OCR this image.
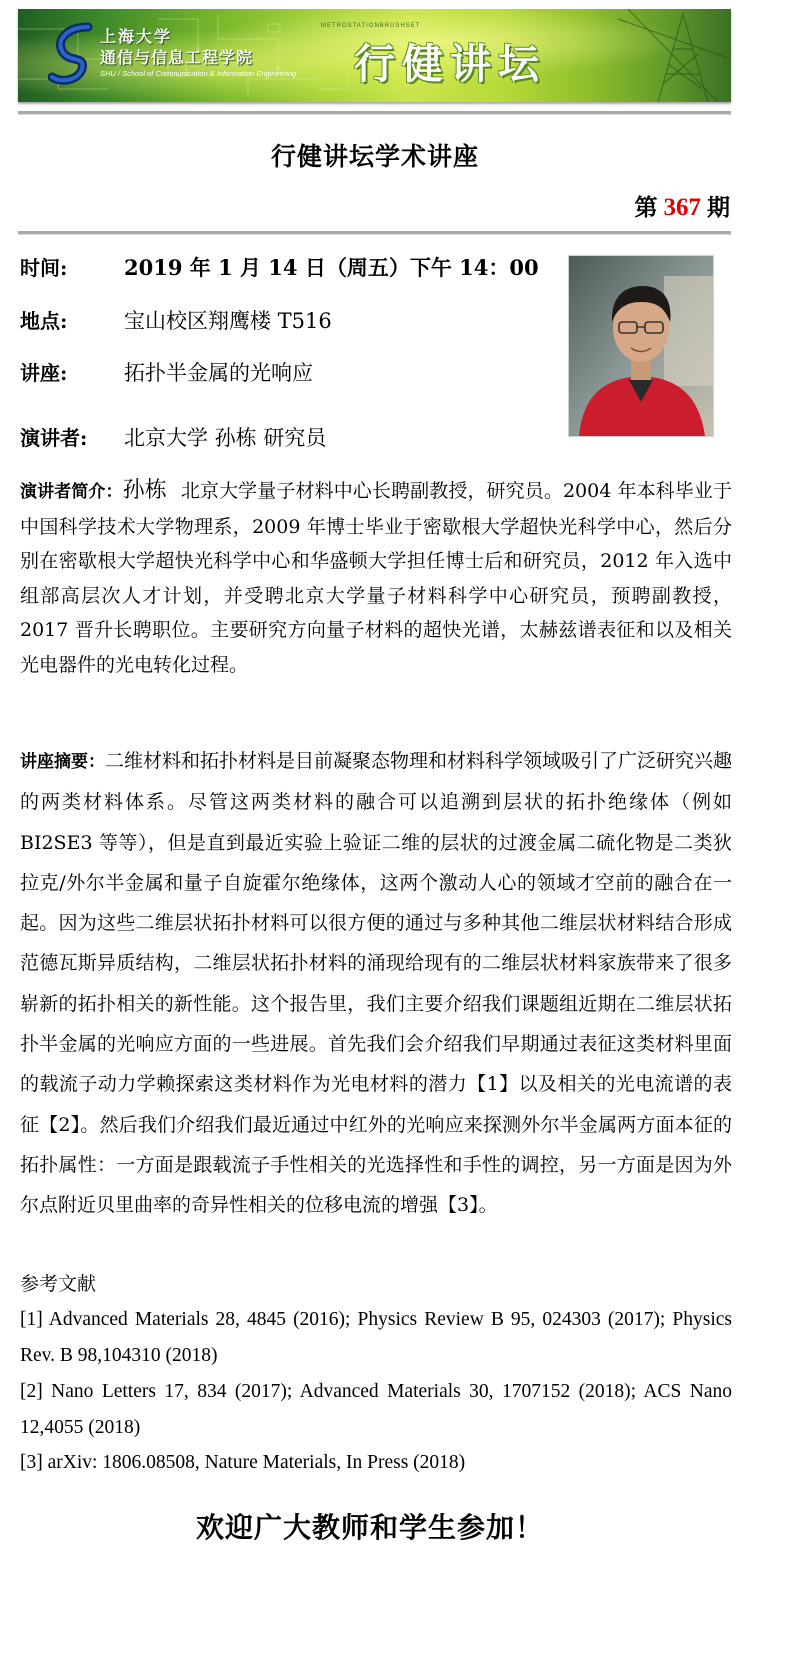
上海大学
通信与信息工程学院
SHU / School of Communication & Information Engineering
METROSTATIONBRUSHSET
行健讲坛
行健讲坛学术讲座
第 367 期
时间:	2019 年 1 月 14 日（周五）下午 14：00
地点:	宝山校区翔鹰楼 T516
讲座:	拓扑半金属的光响应
演讲者: 北京大学 孙栋 研究员
演讲者简介：孙栋 北京大学量子材料中心长聘副教授，研究员。2004 年本科毕业于中国科学技术大学物理系，2009 年博士毕业于密歇根大学超快光科学中心，然后分别在密歇根大学超快光科学中心和华盛顿大学担任博士后和研究员，2012 年入选中组部高层次人才计划，并受聘北京大学量子材料科学中心研究员，预聘副教授，2017 晋升长聘职位。主要研究方向量子材料的超快光谱，太赫兹谱表征和以及相关光电器件的光电转化过程。
讲座摘要：二维材料和拓扑材料是目前凝聚态物理和材料科学领域吸引了广泛研究兴趣的两类材料体系。尽管这两类材料的融合可以追溯到层状的拓扑绝缘体（例如 BI2SE3 等等），但是直到最近实验上验证二维的层状的过渡金属二硫化物是二类狄拉克/外尔半金属和量子自旋霍尔绝缘体，这两个激动人心的领域才空前的融合在一起。因为这些二维层状拓扑材料可以很方便的通过与多种其他二维层状材料结合形成范德瓦斯异质结构，二维层状拓扑材料的涌现给现有的二维层状材料家族带来了很多崭新的拓扑相关的新性能。这个报告里，我们主要介绍我们课题组近期在二维层状拓扑半金属的光响应方面的一些进展。首先我们会介绍我们早期通过表征这类材料里面的载流子动力学赖探索这类材料作为光电材料的潜力【1】以及相关的光电流谱的表征【2】。然后我们介绍我们最近通过中红外的光响应来探测外尔半金属两方面本征的拓扑属性：一方面是跟载流子手性相关的光选择性和手性的调控，另一方面是因为外尔点附近贝里曲率的奇异性相关的位移电流的增强【3】。
参考文献
[1] Advanced Materials 28, 4845 (2016); Physics Review B 95, 024303 (2017); Physics Rev. B 98,104310 (2018)
[2] Nano Letters 17, 834 (2017); Advanced Materials 30, 1707152 (2018); ACS Nano 12,4055 (2018)
[3] arXiv: 1806.08508, Nature Materials, In Press (2018)
欢迎广大教师和学生参加！
